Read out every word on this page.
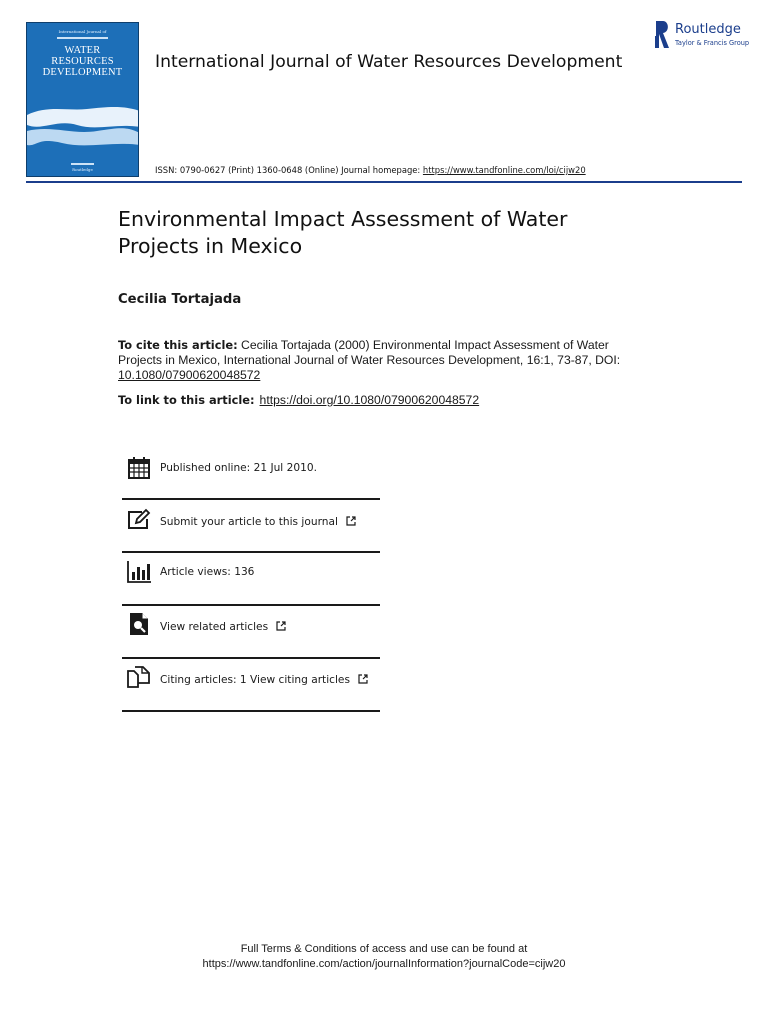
International Journal of
WATER
RESOURCES
DEVELOPMENT
Routledge
International Journal of Water Resources Development
Routledge
Taylor & Francis Group
ISSN: 0790-0627 (Print) 1360-0648 (Online) Journal homepage: https://www.tandfonline.com/loi/cijw20
Environmental Impact Assessment of Water Projects in Mexico
Cecilia Tortajada
To cite this article: Cecilia Tortajada (2000) Environmental Impact Assessment of Water Projects in Mexico, International Journal of Water Resources Development, 16:1, 73-87, DOI: 10.1080/07900620048572
To link to this article: https://doi.org/10.1080/07900620048572
Published online: 21 Jul 2010.
Submit your article to this journal
Article views: 136
View related articles
Citing articles: 1 View citing articles
Full Terms & Conditions of access and use can be found at
https://www.tandfonline.com/action/journalInformation?journalCode=cijw20
